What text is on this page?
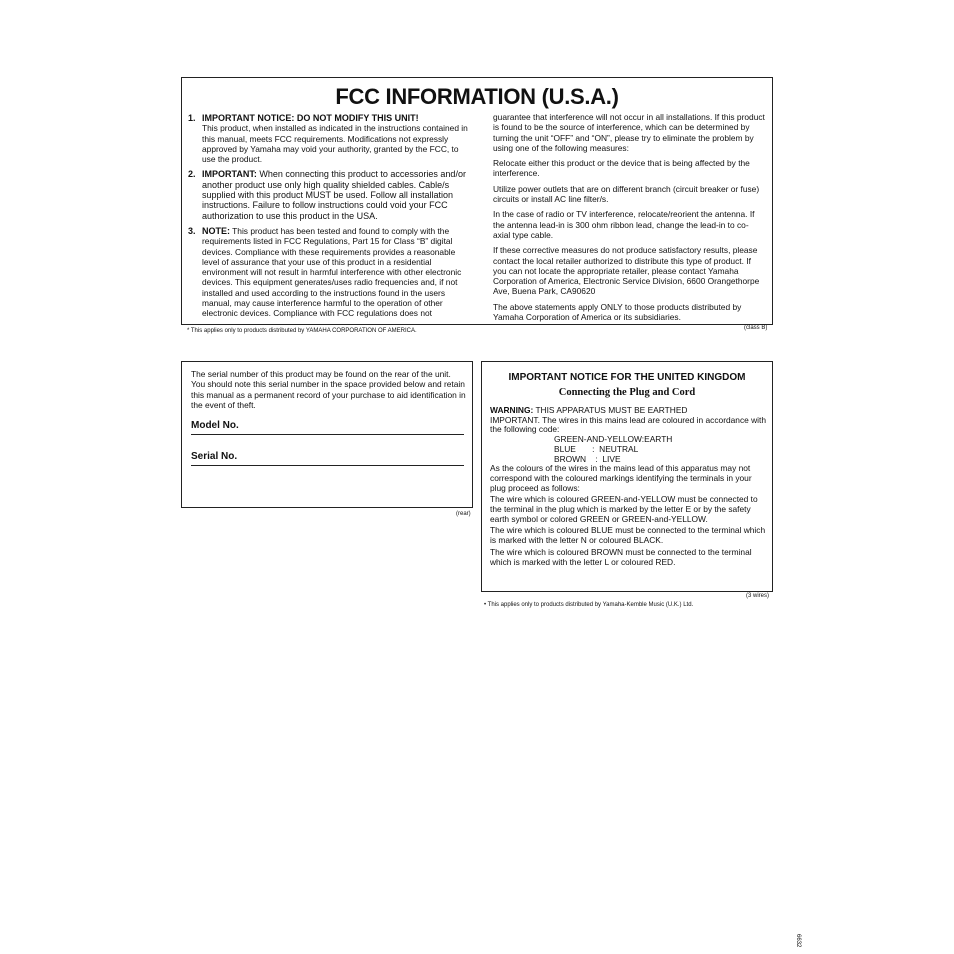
FCC INFORMATION (U.S.A.)
1. IMPORTANT NOTICE: DO NOT MODIFY THIS UNIT!
This product, when installed as indicated in the instructions contained in this manual, meets FCC requirements. Modifications not expressly approved by Yamaha may void your authority, granted by the FCC, to use the product.
2. IMPORTANT: When connecting this product to accessories and/or another product use only high quality shielded cables. Cable/s supplied with this product MUST be used. Follow all installation instructions. Failure to follow instructions could void your FCC authorization to use this product in the USA.
3. NOTE: This product has been tested and found to comply with the requirements listed in FCC Regulations, Part 15 for Class “B” digital devices. Compliance with these requirements provides a reasonable level of assurance that your use of this product in a residential environment will not result in harmful interference with other electronic devices. This equipment generates/uses radio frequencies and, if not installed and used according to the instructions found in the users manual, may cause interference harmful to the operation of other electronic devices. Compliance with FCC regulations does not

guarantee that interference will not occur in all installations. If this product is found to be the source of interference, which can be determined by turning the unit “OFF” and “ON”, please try to eliminate the problem by using one of the following measures:

Relocate either this product or the device that is being affected by the interference.

Utilize power outlets that are on different branch (circuit breaker or fuse) circuits or install AC line filter/s.

In the case of radio or TV interference, relocate/reorient the antenna. If the antenna lead-in is 300 ohm ribbon lead, change the lead-in to co-axial type cable.

If these corrective measures do not produce satisfactory results, please contact the local retailer authorized to distribute this type of product. If you can not locate the appropriate retailer, please contact Yamaha Corporation of America, Electronic Service Division, 6600 Orangethorpe Ave, Buena Park, CA90620

The above statements apply ONLY to those products distributed by Yamaha Corporation of America or its subsidiaries.

* This applies only to products distributed by YAMAHA CORPORATION OF AMERICA.	(class B)
The serial number of this product may be found on the rear of the unit. You should note this serial number in the space provided below and retain this manual as a permanent record of your purchase to aid identification in the event of theft.
Model No.
Serial No.
(rear)
IMPORTANT NOTICE FOR THE UNITED KINGDOM
Connecting the Plug and Cord
WARNING: THIS APPARATUS MUST BE EARTHED
IMPORTANT. The wires in this mains lead are coloured in accordance with the following code:
GREEN-AND-YELLOW:EARTH
BLUE       :  NEUTRAL
BROWN    :  LIVE

As the colours of the wires in the mains lead of this apparatus may not correspond with the coloured markings identifying the terminals in your plug proceed as follows:

The wire which is coloured GREEN-and-YELLOW must be connected to the terminal in the plug which is marked by the letter E or by the safety earth symbol or colored GREEN or GREEN-and-YELLOW.

The wire which is coloured BLUE must be connected to the terminal which is marked with the letter N or coloured BLACK.

The wire which is coloured BROWN must be connected to the terminal which is marked with the letter L or coloured RED.

(3 wires)
• This applies only to products distributed by Yamaha-Kemble Music (U.K.) Ltd.
6632
